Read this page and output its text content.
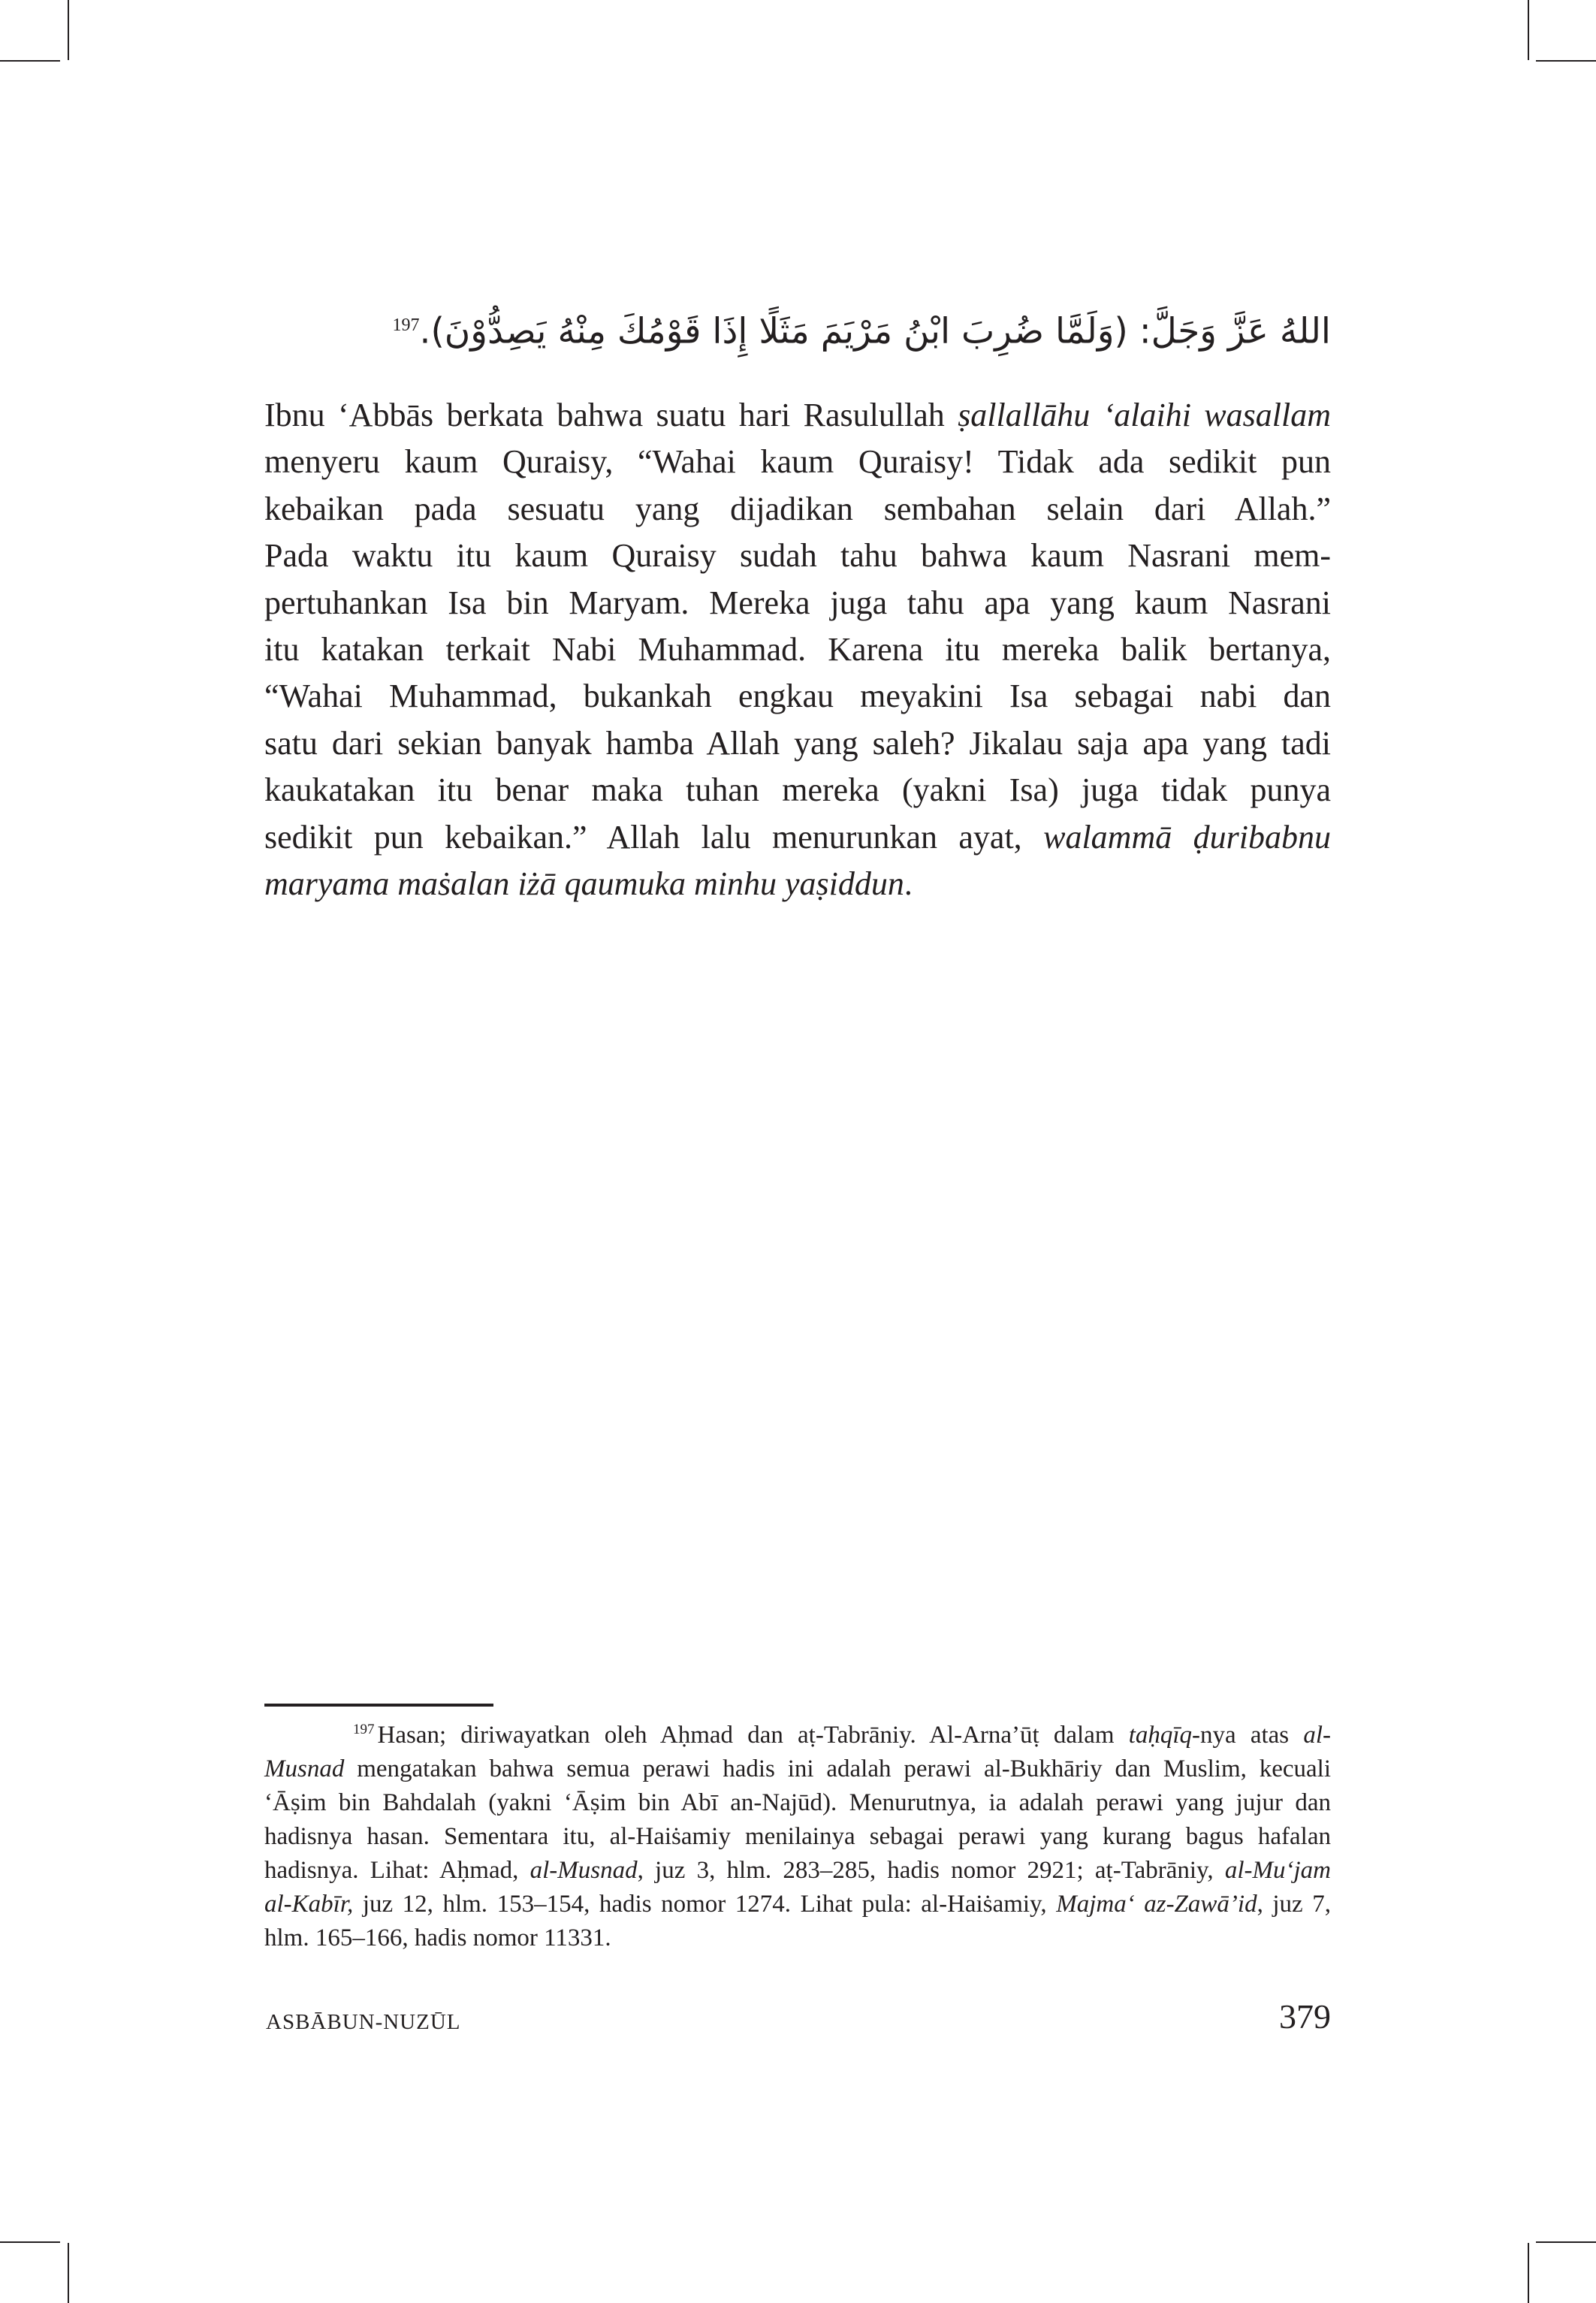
اللهُ عَزَّ وَجَلَّ: (وَلَمَّا ضُرِبَ ابْنُ مَرْيَمَ مَثَلًا إِذَا قَوْمُكَ مِنْهُ يَصِدُّوْنَ).$^{197}$
Ibnu ‘Abbās berkata bahwa suatu hari Rasulullah ṣallallāhu ‘alaihi wasallam
menyeru kaum Quraisy, “Wahai kaum Quraisy! Tidak ada sedikit pun
kebaikan pada sesuatu yang dijadikan sembahan selain dari Allah.”
Pada waktu itu kaum Quraisy sudah tahu bahwa kaum Nasrani mem-
pertuhankan Isa bin Maryam. Mereka juga tahu apa yang kaum Nasrani
itu katakan terkait Nabi Muhammad. Karena itu mereka balik bertanya,
“Wahai Muhammad, bukankah engkau meyakini Isa sebagai nabi dan
satu dari sekian banyak hamba Allah yang saleh? Jikalau saja apa yang tadi
kaukatakan itu benar maka tuhan mereka (yakni Isa) juga tidak punya
sedikit pun kebaikan.” Allah lalu menurunkan ayat, walammā ḍuribabnu
maryama maṡalan iżā qaumuka minhu yaṣiddun.
$^{197}$ Hasan; diriwayatkan oleh Aḥmad dan aṭ-Tabrāniy. Al-Arna’ūṭ dalam taḥqīq-nya atas al-
Musnad mengatakan bahwa semua perawi hadis ini adalah perawi al-Bukhāriy dan Muslim, kecuali
‘Āṣim bin Bahdalah (yakni ‘Āṣim bin Abī an-Najūd). Menurutnya, ia adalah perawi yang jujur dan
hadisnya hasan. Sementara itu, al-Haiṡamiy menilainya sebagai perawi yang kurang bagus hafalan
hadisnya. Lihat: Aḥmad, al-Musnad, juz 3, hlm. 283–285, hadis nomor 2921; aṭ-Tabrāniy, al-Mu‘jam
al-Kabīr, juz 12, hlm. 153–154, hadis nomor 1274. Lihat pula: al-Haiṡamiy, Majma‘ az-Zawā’id, juz 7,
hlm. 165–166, hadis nomor 11331.
ASBĀBUN-NUZŪL	379
